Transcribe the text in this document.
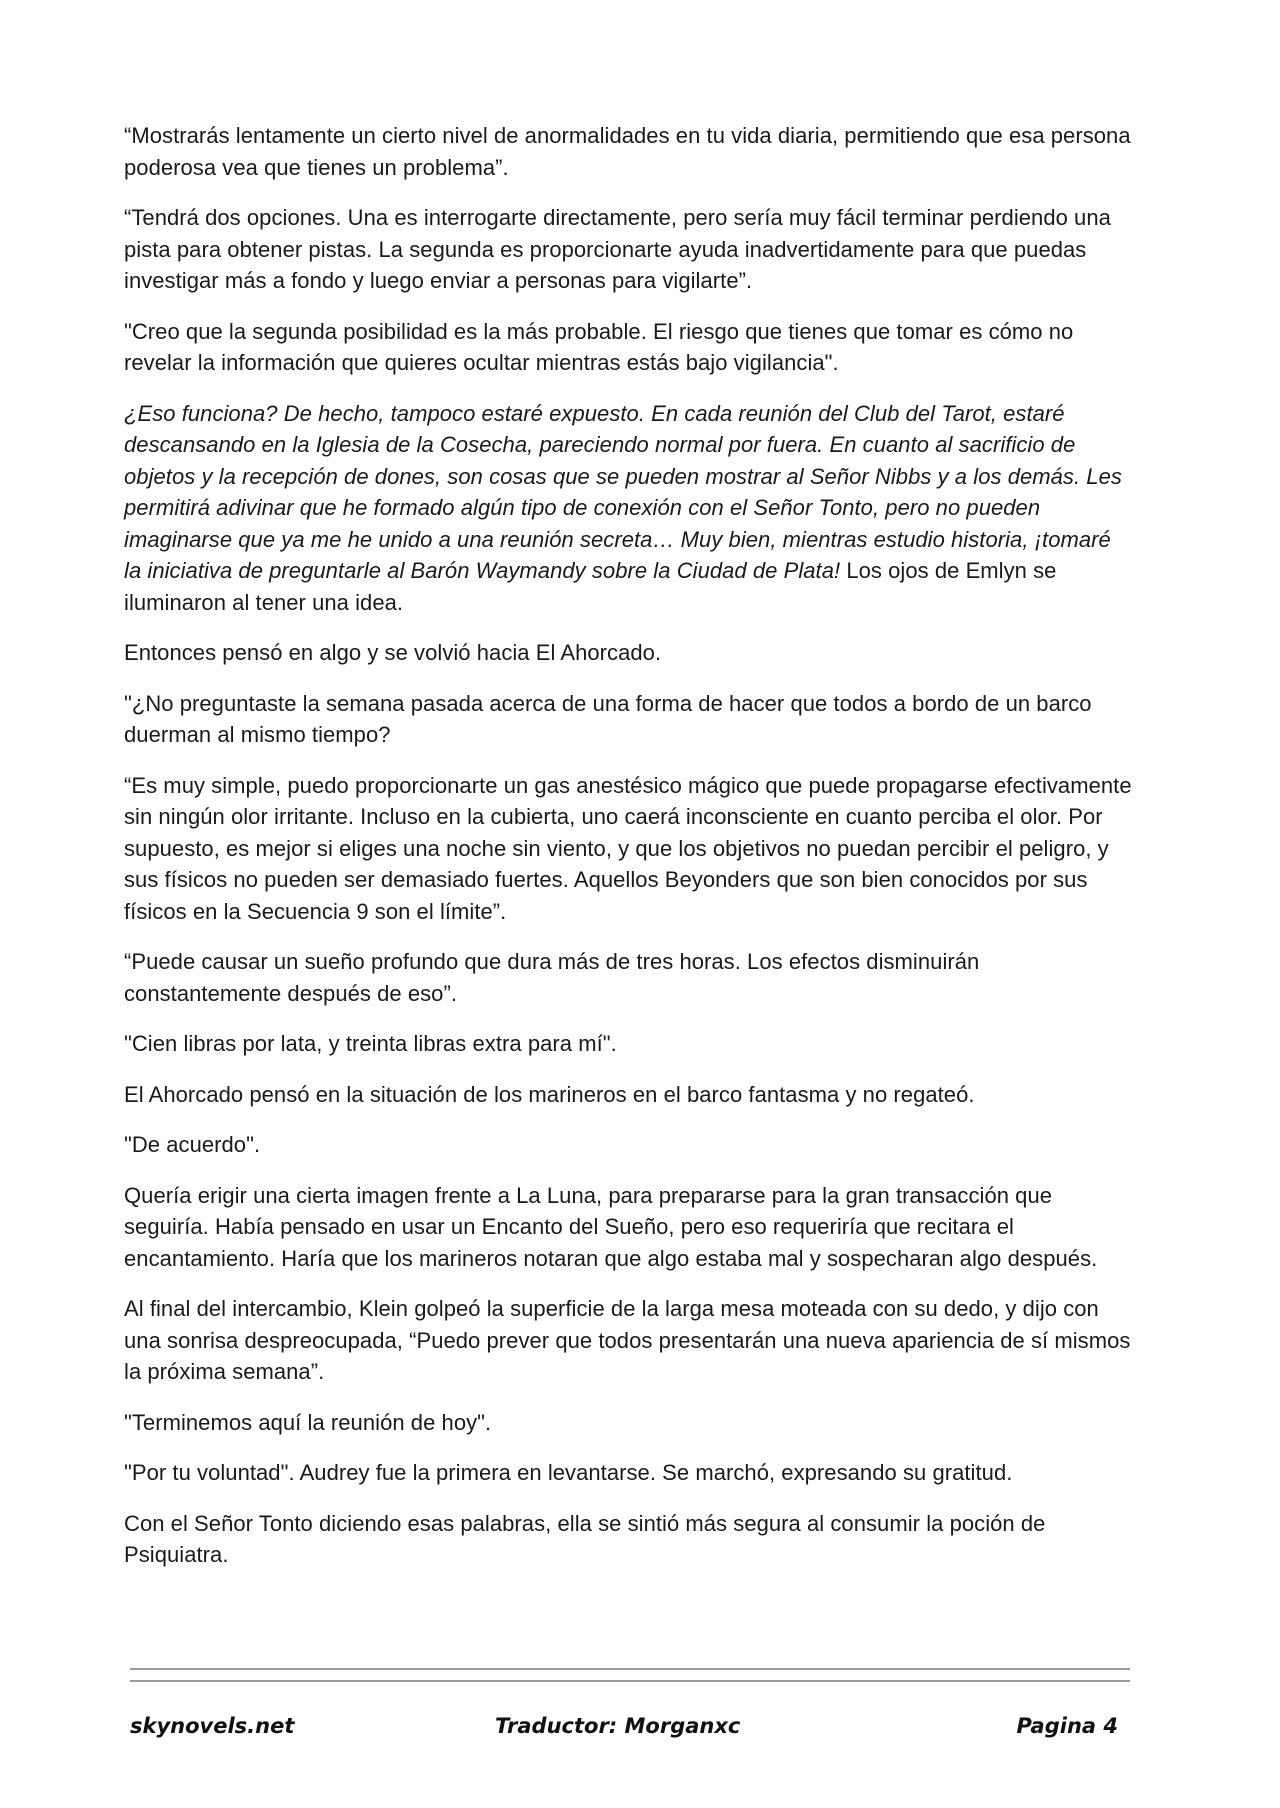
“Mostrarás lentamente un cierto nivel de anormalidades en tu vida diaria, permitiendo que esa persona poderosa vea que tienes un problema”.

“Tendrá dos opciones. Una es interrogarte directamente, pero sería muy fácil terminar perdiendo una pista para obtener pistas. La segunda es proporcionarte ayuda inadvertidamente para que puedas investigar más a fondo y luego enviar a personas para vigilarte”.

"Creo que la segunda posibilidad es la más probable. El riesgo que tienes que tomar es cómo no revelar la información que quieres ocultar mientras estás bajo vigilancia".

¿Eso funciona? De hecho, tampoco estaré expuesto. En cada reunión del Club del Tarot, estaré descansando en la Iglesia de la Cosecha, pareciendo normal por fuera. En cuanto al sacrificio de objetos y la recepción de dones, son cosas que se pueden mostrar al Señor Nibbs y a los demás. Les permitirá adivinar que he formado algún tipo de conexión con el Señor Tonto, pero no pueden imaginarse que ya me he unido a una reunión secreta… Muy bien, mientras estudio historia, ¡tomaré la iniciativa de preguntarle al Barón Waymandy sobre la Ciudad de Plata! Los ojos de Emlyn se iluminaron al tener una idea.

Entonces pensó en algo y se volvió hacia El Ahorcado.

"¿No preguntaste la semana pasada acerca de una forma de hacer que todos a bordo de un barco duerman al mismo tiempo?

“Es muy simple, puedo proporcionarte un gas anestésico mágico que puede propagarse efectivamente sin ningún olor irritante. Incluso en la cubierta, uno caerá inconsciente en cuanto perciba el olor. Por supuesto, es mejor si eliges una noche sin viento, y que los objetivos no puedan percibir el peligro, y sus físicos no pueden ser demasiado fuertes. Aquellos Beyonders que son bien conocidos por sus físicos en la Secuencia 9 son el límite”.

“Puede causar un sueño profundo que dura más de tres horas. Los efectos disminuirán constantemente después de eso”.

"Cien libras por lata, y treinta libras extra para mí".

El Ahorcado pensó en la situación de los marineros en el barco fantasma y no regateó.

"De acuerdo".

Quería erigir una cierta imagen frente a La Luna, para prepararse para la gran transacción que seguiría. Había pensado en usar un Encanto del Sueño, pero eso requeriría que recitara el encantamiento. Haría que los marineros notaran que algo estaba mal y sospecharan algo después.

Al final del intercambio, Klein golpeó la superficie de la larga mesa moteada con su dedo, y dijo con una sonrisa despreocupada, “Puedo prever que todos presentarán una nueva apariencia de sí mismos la próxima semana”.

"Terminemos aquí la reunión de hoy".

"Por tu voluntad". Audrey fue la primera en levantarse. Se marchó, expresando su gratitud.

Con el Señor Tonto diciendo esas palabras, ella se sintió más segura al consumir la poción de Psiquiatra.

skynovels.net	Traductor: Morganxc	Pagina 4
